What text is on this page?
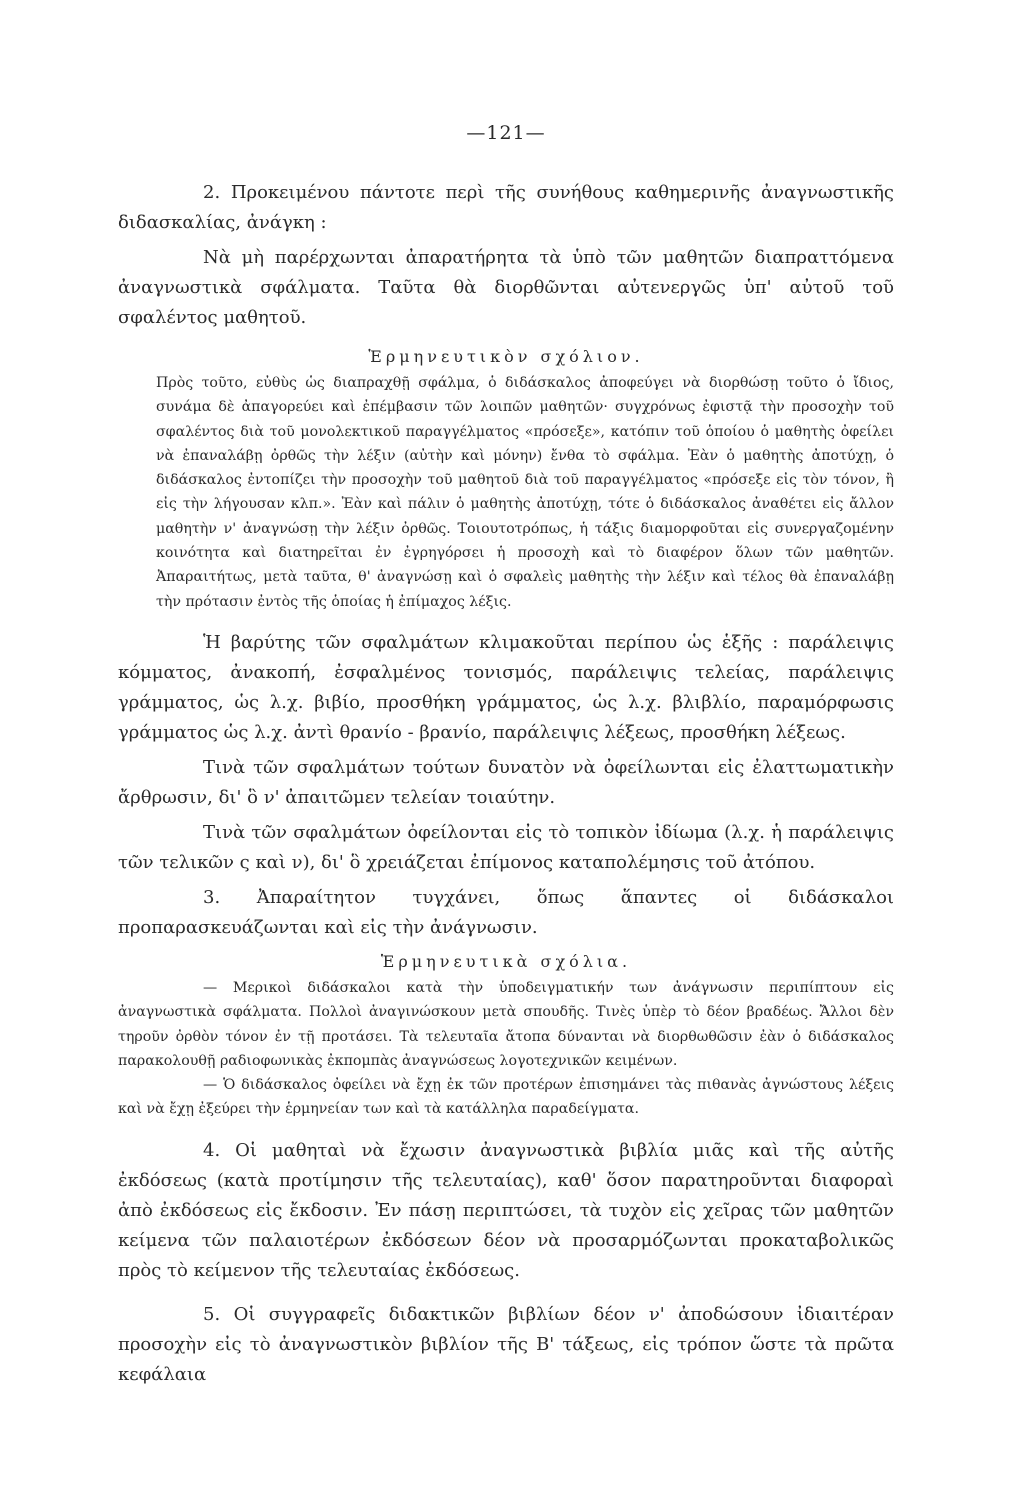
—121—

2. Προκειμένου πάντοτε περὶ τῆς συνήθους καθημερινῆς ἀναγνωστικῆς διδασκαλίας, ἀνάγκη :

Νὰ μὴ παρέρχωνται ἀπαρατήρητα τὰ ὑπὸ τῶν μαθητῶν διαπραττόμενα ἀναγνωστικὰ σφάλματα. Ταῦτα θὰ διορθῶνται αὐτενεργῶς ὑπ' αὐτοῦ τοῦ σφαλέντος μαθητοῦ.

Ἑρμηνευτικὸν σχόλιον.

Πρὸς τοῦτο, εὐθὺς ὡς διαπραχθῇ σφάλμα, ὁ διδάσκαλος ἀποφεύγει νὰ διορθώσῃ τοῦτο ὁ ἴδιος, συνάμα δὲ ἀπαγορεύει καὶ ἐπέμβασιν τῶν λοιπῶν μαθητῶν· συγχρόνως ἐφιστᾷ τὴν προσοχὴν τοῦ σφαλέντος διὰ τοῦ μονολεκτικοῦ παραγγέλματος «πρόσεξε», κατόπιν τοῦ ὁποίου ὁ μαθητὴς ὀφείλει νὰ ἐπαναλάβῃ ὀρθῶς τὴν λέξιν (αὐτὴν καὶ μόνην) ἔνθα τὸ σφάλμα. Ἐὰν ὁ μαθητὴς ἀποτύχῃ, ὁ διδάσκαλος ἐντοπίζει τὴν προσοχὴν τοῦ μαθητοῦ διὰ τοῦ παραγγέλματος «πρόσεξε εἰς τὸν τόνον, ἢ εἰς τὴν λήγουσαν κλπ.». Ἐὰν καὶ πάλιν ὁ μαθητὴς ἀποτύχῃ, τότε ὁ διδάσκαλος ἀναθέτει εἰς ἄλλον μαθητὴν ν' ἀναγνώσῃ τὴν λέξιν ὀρθῶς. Τοιουτοτρόπως, ἡ τάξις διαμορφοῦται εἰς συνεργαζομένην κοινότητα καὶ διατηρεῖται ἐν ἐγρηγόρσει ἡ προσοχὴ καὶ τὸ διαφέρον ὅλων τῶν μαθητῶν. Ἀπαραιτήτως, μετὰ ταῦτα, θ' ἀναγνώσῃ καὶ ὁ σφαλεὶς μαθητὴς τὴν λέξιν καὶ τέλος θὰ ἐπαναλάβῃ τὴν πρότασιν ἐντὸς τῆς ὁποίας ἡ ἐπίμαχος λέξις.

Ἡ βαρύτης τῶν σφαλμάτων κλιμακοῦται περίπου ὡς ἑξῆς : παράλειψις κόμματος, ἀνακοπή, ἐσφαλμένος τονισμός, παράλειψις τελείας, παράλειψις γράμματος, ὡς λ.χ. βιβίο, προσθήκη γράμματος, ὡς λ.χ. βλιβλίο, παραμόρφωσις γράμματος ὡς λ.χ. ἀντὶ θρανίο - βρανίο, παράλειψις λέξεως, προσθήκη λέξεως.

Τινὰ τῶν σφαλμάτων τούτων δυνατὸν νὰ ὀφείλωνται εἰς ἐλαττωματικὴν ἄρθρωσιν, δι' ὃ ν' ἀπαιτῶμεν τελείαν τοιαύτην.

Τινὰ τῶν σφαλμάτων ὀφείλονται εἰς τὸ τοπικὸν ἰδίωμα (λ.χ. ἡ παράλειψις τῶν τελικῶν ς καὶ ν), δι' ὃ χρειάζεται ἐπίμονος καταπολέμησις τοῦ ἀτόπου.

3. Ἀπαραίτητον τυγχάνει, ὅπως ἅπαντες οἱ διδάσκαλοι προπαρασκευάζωνται καὶ εἰς τὴν ἀνάγνωσιν.

Ἑρμηνευτικὰ σχόλια.

— Μερικοὶ διδάσκαλοι κατὰ τὴν ὑποδειγματικήν των ἀνάγνωσιν περιπίπτουν εἰς ἀναγνωστικὰ σφάλματα. Πολλοὶ ἀναγινώσκουν μετὰ σπουδῆς. Τινὲς ὑπὲρ τὸ δέον βραδέως. Ἄλλοι δὲν τηροῦν ὀρθὸν τόνον ἐν τῇ προτάσει. Τὰ τελευταῖα ἄτοπα δύνανται νὰ διορθωθῶσιν ἐὰν ὁ διδάσκαλος παρακολουθῇ ραδιοφωνικὰς ἐκπομπὰς ἀναγνώσεως λογοτεχνικῶν κειμένων.

— Ὁ διδάσκαλος ὀφείλει νὰ ἔχῃ ἐκ τῶν προτέρων ἐπισημάνει τὰς πιθανὰς ἀγνώστους λέξεις καὶ νὰ ἔχῃ ἐξεύρει τὴν ἑρμηνείαν των καὶ τὰ κατάλληλα παραδείγματα.

4. Οἱ μαθηταὶ νὰ ἔχωσιν ἀναγνωστικὰ βιβλία μιᾶς καὶ τῆς αὐτῆς ἐκδόσεως (κατὰ προτίμησιν τῆς τελευταίας), καθ' ὅσον παρατηροῦνται διαφοραὶ ἀπὸ ἐκδόσεως εἰς ἔκδοσιν. Ἐν πάσῃ περιπτώσει, τὰ τυχὸν εἰς χεῖρας τῶν μαθητῶν κείμενα τῶν παλαιοτέρων ἐκδόσεων δέον νὰ προσαρμόζωνται προκαταβολικῶς πρὸς τὸ κείμενον τῆς τελευταίας ἐκδόσεως.

5. Οἱ συγγραφεῖς διδακτικῶν βιβλίων δέον ν' ἀποδώσουν ἰδιαιτέραν προσοχὴν εἰς τὸ ἀναγνωστικὸν βιβλίον τῆς Β' τάξεως, εἰς τρόπον ὥστε τὰ πρῶτα κεφάλαια
